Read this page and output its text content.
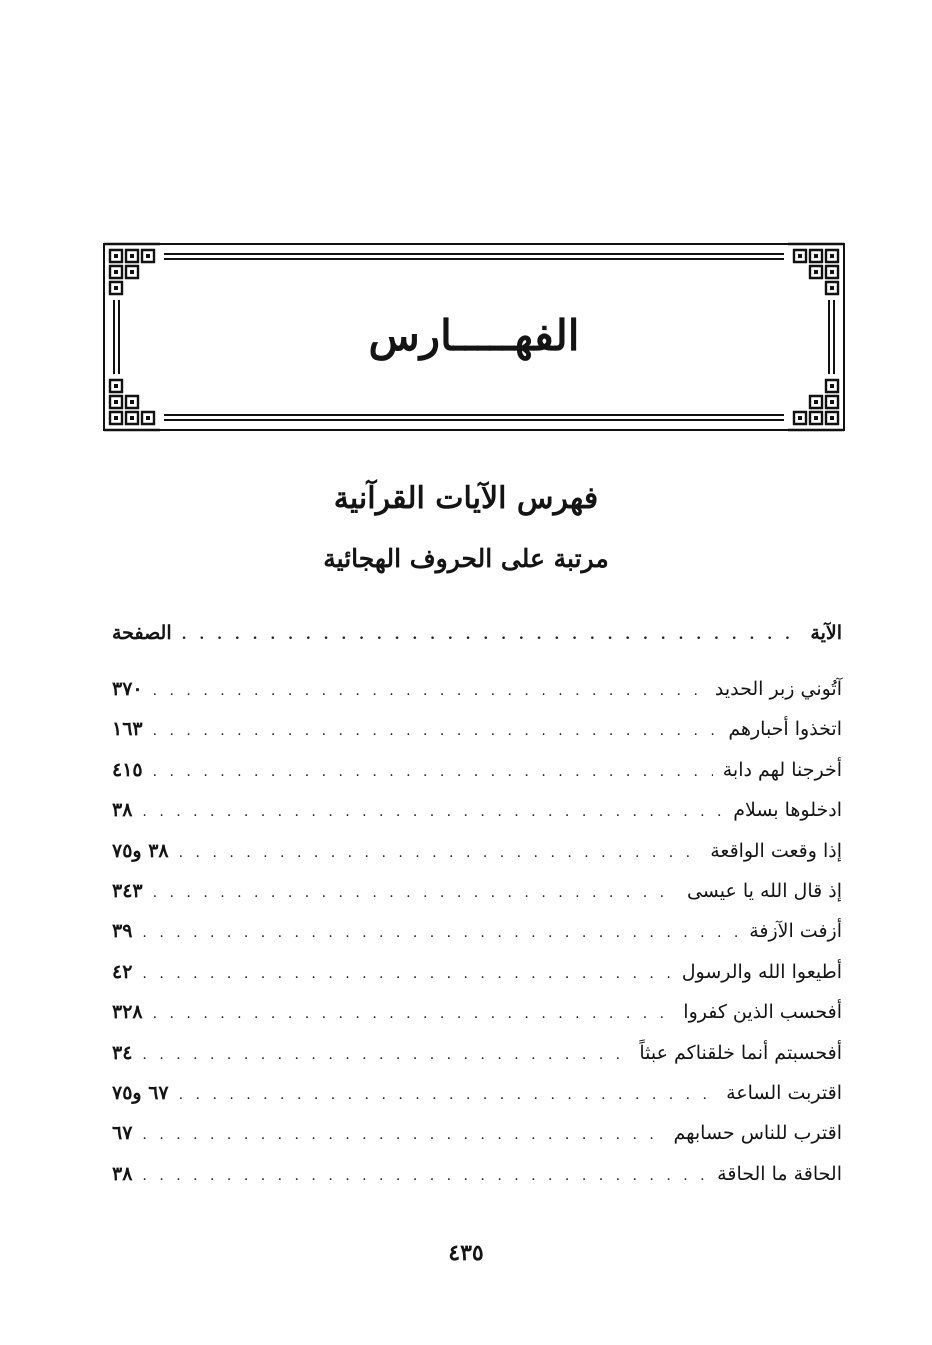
الفهـــــارس
فهرس الآيات القرآنية
مرتبة على الحروف الهجائية
الآية
. . .
الصفحة
آتُوني زبر الحديد
. . .
٣٧٠
اتخذوا أحبارهم
. . .
١٦٣
أخرجنا لهم دابة
. . .
٤١٥
ادخلوها بسلام
. . .
٣٨
إذا وقعت الواقعة
. . .
٣٨ و٧٥
إذ قال الله يا عيسى
. . .
٣٤٣
أزفت الآزفة
. . .
٣٩
أطيعوا الله والرسول
. . .
٤٢
أفحسب الذين كفروا
. . .
٣٢٨
أفحسبتم أنما خلقناكم عبثاً
. . .
٣٤
اقتربت الساعة
. . .
٦٧ و٧٥
اقترب للناس حسابهم
. . .
٦٧
الحاقة ما الحاقة
. . .
٣٨
٤٣٥
